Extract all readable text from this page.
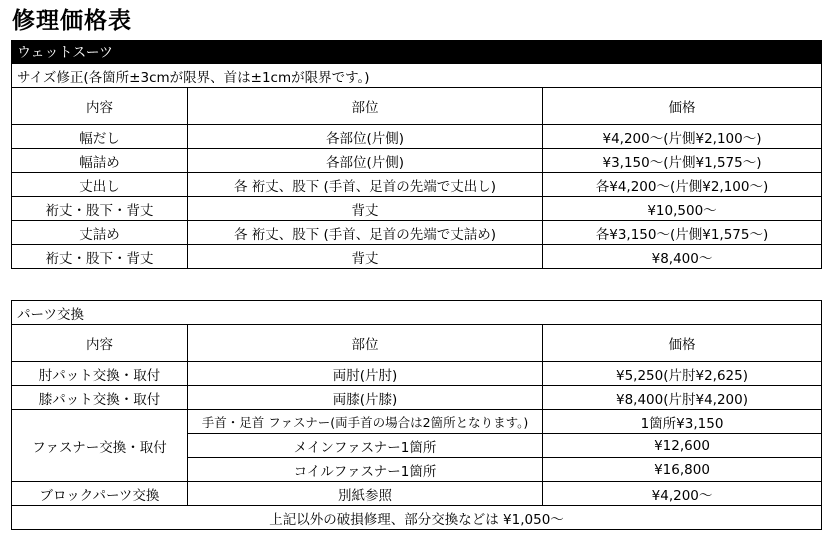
修理価格表
ウェットスーツ		
サイズ修正(各箇所±3cmが限界、首は±1cmが限界です。)		
内容	部位	価格
幅だし	各部位(片側)	¥4,200～(片側¥2,100～)
幅詰め	各部位(片側)	¥3,150～(片側¥1,575～)
丈出し	各 裄丈、股下 (手首、足首の先端で丈出し)	各¥4,200～(片側¥2,100～)
裄丈・股下・背丈	背丈	¥10,500～
丈詰め	各 裄丈、股下 (手首、足首の先端で丈詰め)	各¥3,150～(片側¥1,575～)
裄丈・股下・背丈	背丈	¥8,400～
パーツ交換		
内容	部位	価格
肘パット交換・取付	両肘(片肘)	¥5,250(片肘¥2,625)
膝パット交換・取付	両膝(片膝)	¥8,400(片肘¥4,200)
ファスナー交換・取付	手首・足首 ファスナー(両手首の場合は2箇所となります。)	1箇所¥3,150
	メインファスナー1箇所	¥12,600
	コイルファスナー1箇所	¥16,800
ブロックパーツ交換	別紙参照	¥4,200～
上記以外の破損修理、部分交換などは ¥1,050～		
